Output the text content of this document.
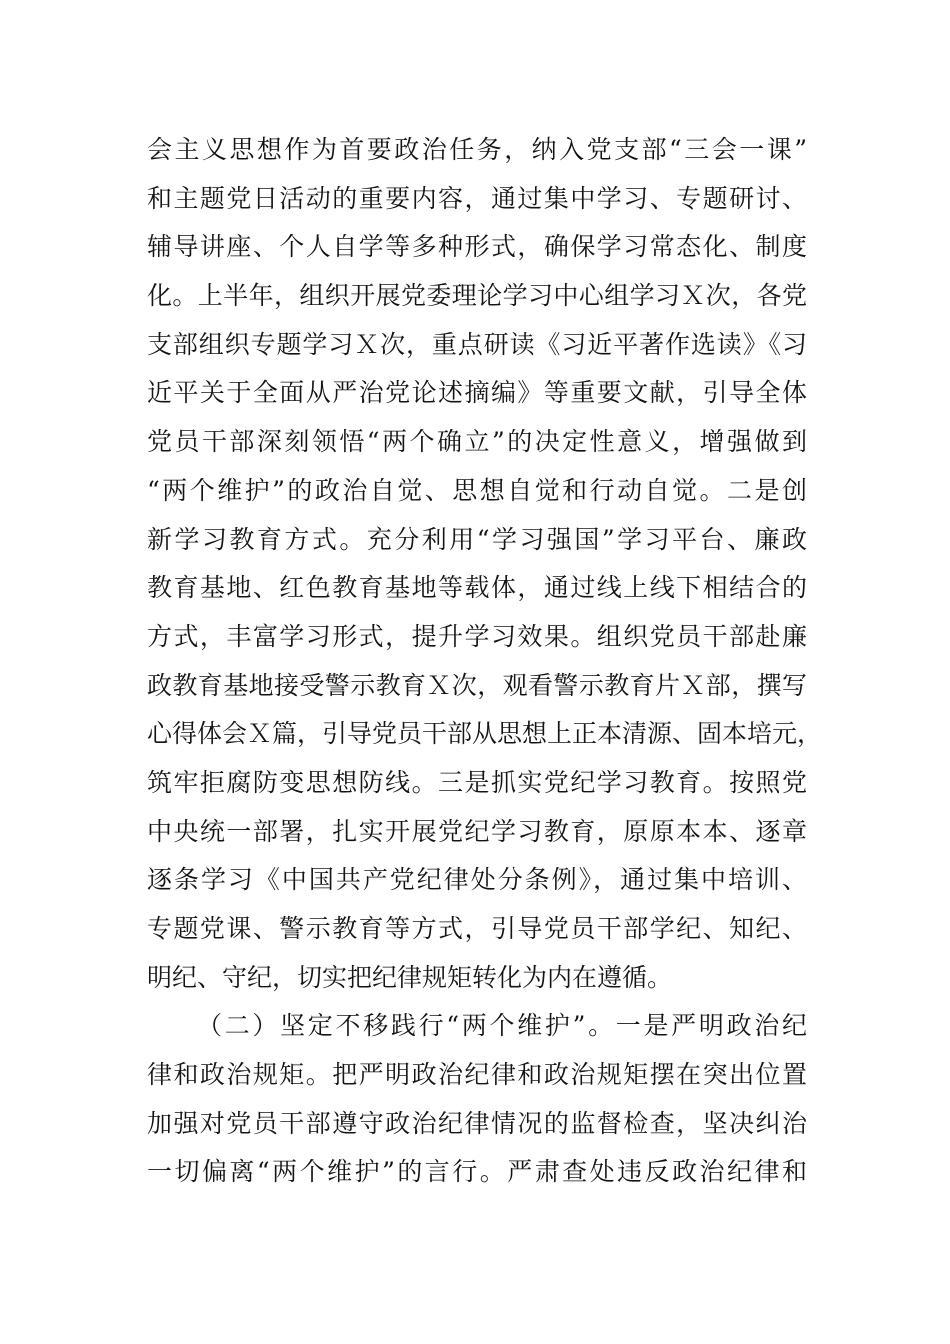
会主义思想作为首要政治任务，纳入党支部“三会一课”
和主题党日活动的重要内容，通过集中学习、专题研讨、
辅导讲座、个人自学等多种形式，确保学习常态化、制度
化。上半年，组织开展党委理论学习中心组学习Ｘ次，各党
支部组织专题学习Ｘ次，重点研读《习近平著作选读》《习
近平关于全面从严治党论述摘编》等重要文献，引导全体
党员干部深刻领悟“两个确立”的决定性意义，增强做到
“两个维护”的政治自觉、思想自觉和行动自觉。二是创
新学习教育方式。充分利用“学习强国”学习平台、廉政
教育基地、红色教育基地等载体，通过线上线下相结合的
方式，丰富学习形式，提升学习效果。组织党员干部赴廉
政教育基地接受警示教育Ｘ次，观看警示教育片Ｘ部，撰写
心得体会Ｘ篇，引导党员干部从思想上正本清源、固本培元，
筑牢拒腐防变思想防线。三是抓实党纪学习教育。按照党
中央统一部署，扎实开展党纪学习教育，原原本本、逐章
逐条学习《中国共产党纪律处分条例》，通过集中培训、
专题党课、警示教育等方式，引导党员干部学纪、知纪、
明纪、守纪，切实把纪律规矩转化为内在遵循。
（二）坚定不移践行“两个维护”。一是严明政治纪
律和政治规矩。把严明政治纪律和政治规矩摆在突出位置
加强对党员干部遵守政治纪律情况的监督检查，坚决纠治
一切偏离“两个维护”的言行。严肃查处违反政治纪律和
